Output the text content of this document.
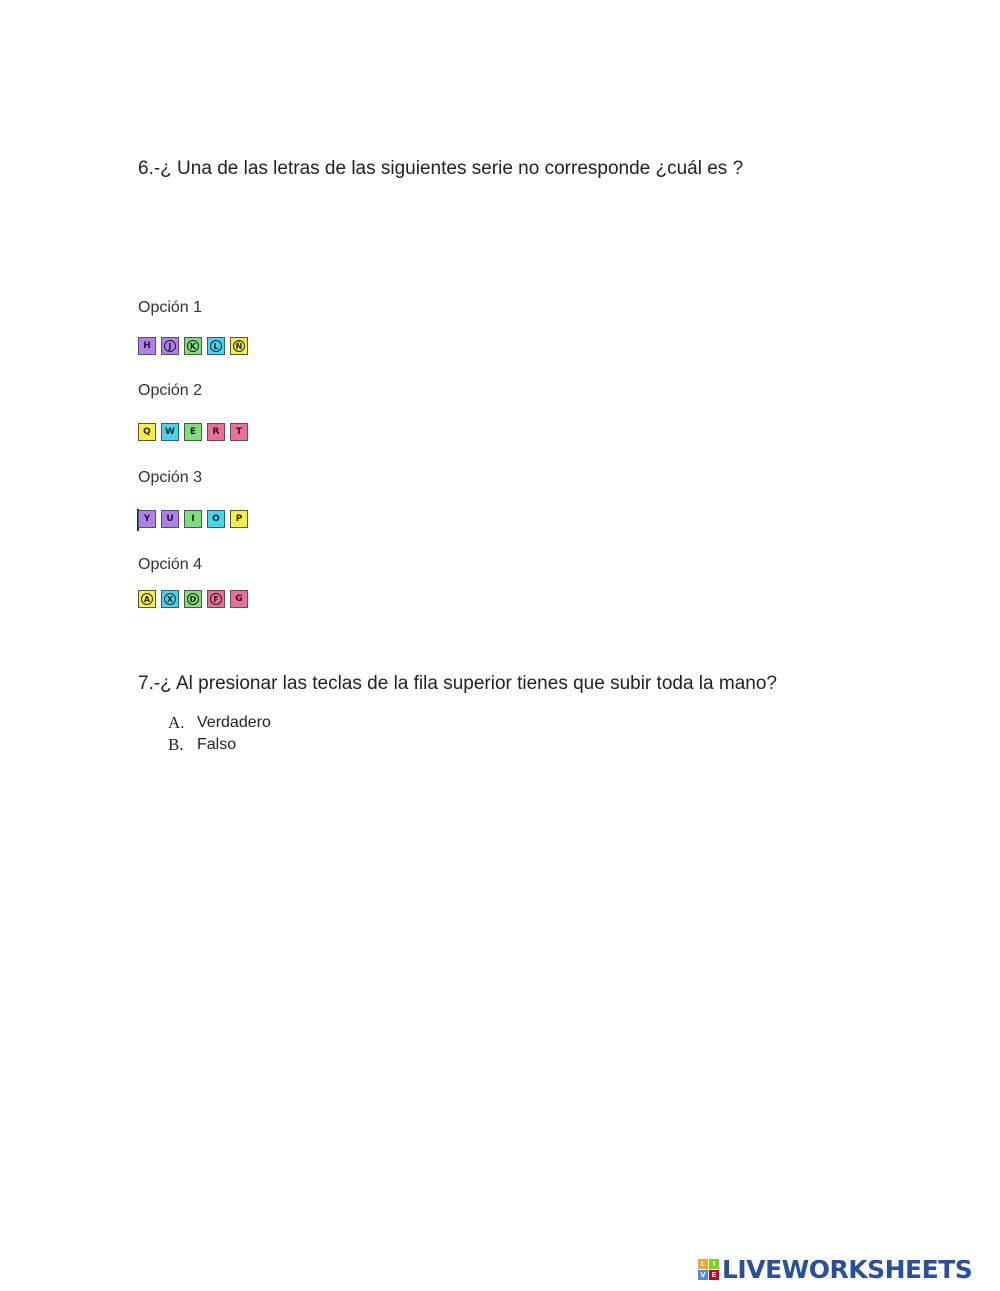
6.-¿ Una de las letras de las siguientes serie no corresponde ¿cuál es ?
Opción 1
H	J	K	L	Ñ
Opción 2
Q W E R T
Opción 3
Y U I O P
Opción 4
A	X	D	F	G
7.-¿ Al presionar las teclas de la fila superior tienes que subir toda la mano?
A. Verdadero
B. Falso
L	I
V E LIVEWORKSHEETS
